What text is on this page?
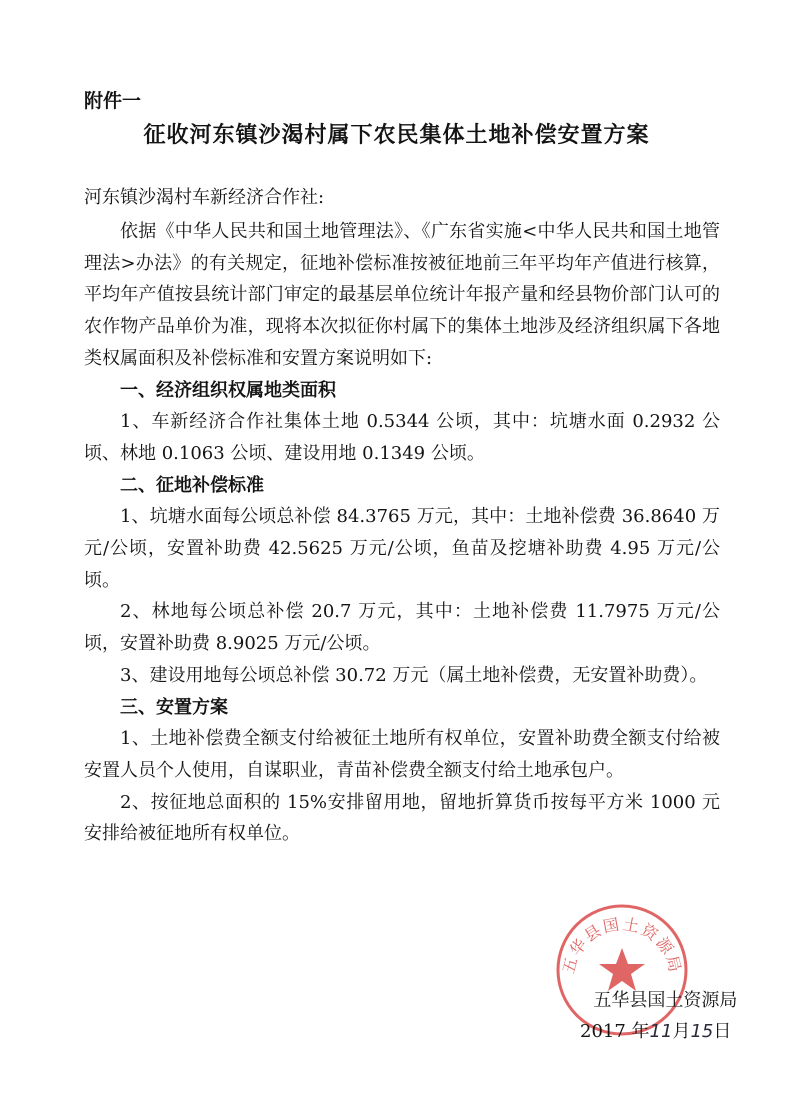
附件一
征收河东镇沙渴村属下农民集体土地补偿安置方案
河东镇沙渴村车新经济合作社:

依据《中华人民共和国土地管理法》、《广东省实施<中华人民共和国土地管理法>办法》的有关规定，征地补偿标准按被征地前三年平均年产值进行核算，平均年产值按县统计部门审定的最基层单位统计年报产量和经县物价部门认可的农作物产品单价为准，现将本次拟征你村属下的集体土地涉及经济组织属下各地类权属面积及补偿标准和安置方案说明如下:

一、经济组织权属地类面积

1、车新经济合作社集体土地 0.5344 公顷，其中：坑塘水面 0.2932 公顷、林地 0.1063 公顷、建设用地 0.1349 公顷。

二、征地补偿标准

1、坑塘水面每公顷总补偿 84.3765 万元，其中：土地补偿费 36.8640 万元/公顷，安置补助费 42.5625 万元/公顷，鱼苗及挖塘补助费 4.95 万元/公顷。

2、林地每公顷总补偿 20.7 万元，其中：土地补偿费 11.7975 万元/公顷，安置补助费 8.9025 万元/公顷。

3、建设用地每公顷总补偿 30.72 万元（属土地补偿费，无安置补助费）。

三、安置方案

1、土地补偿费全额支付给被征土地所有权单位，安置补助费全额支付给被安置人员个人使用，自谋职业，青苗补偿费全额支付给土地承包户。

2、按征地总面积的 15%安排留用地，留地折算货币按每平方米 1000 元安排给被征地所有权单位。

五华县国土资源局
五华县国土资源局
2017 年11月15日
